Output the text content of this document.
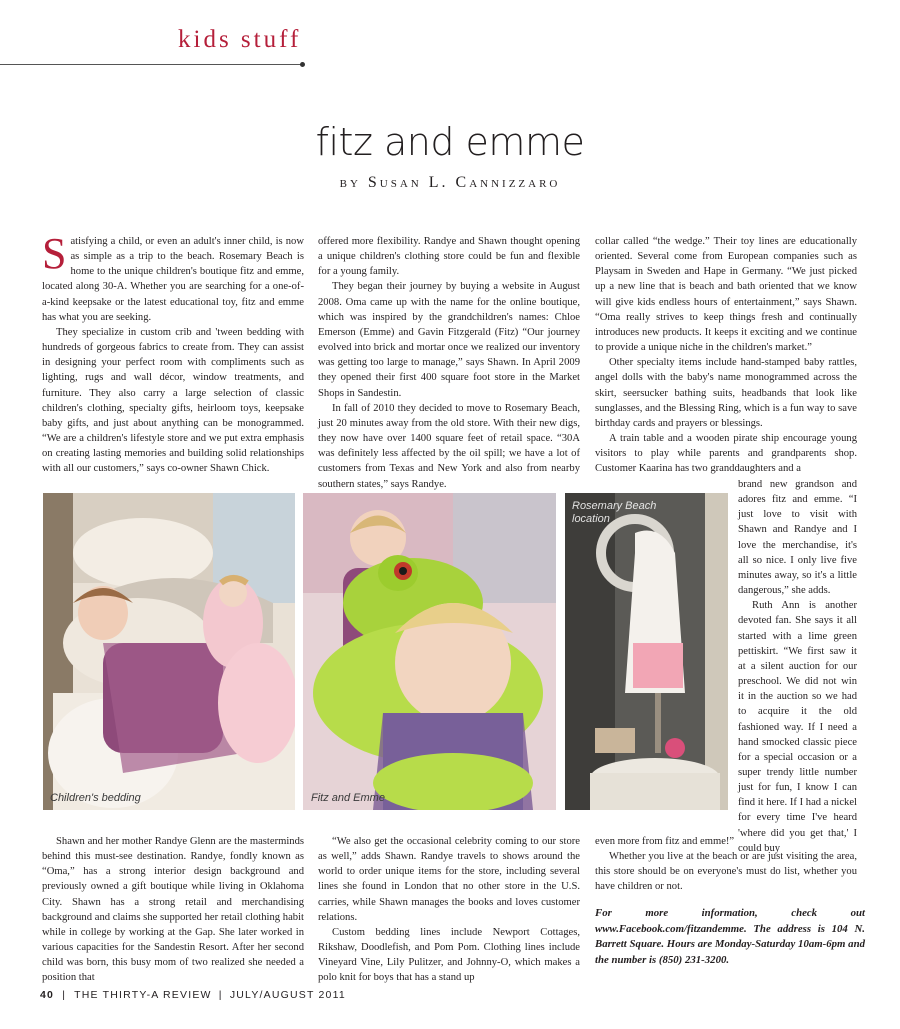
kids stuff
fitz and emme
by Susan L. Cannizzaro

Satisfying a child, or even an adult's inner child, is now as simple as a trip to the beach. Rosemary Beach is home to the unique children's boutique fitz and emme, located along 30-A. Whether you are searching for a one-of-a-kind keepsake or the latest educational toy, fitz and emme has what you are seeking.

They specialize in custom crib and 'tween bedding with hundreds of gorgeous fabrics to create from. They can assist in designing your perfect room with compliments such as lighting, rugs and wall décor, window treatments, and furniture. They also carry a large selection of classic children's clothing, specialty gifts, heirloom toys, keepsake baby gifts, and just about anything can be monogrammed. “We are a children's lifestyle store and we put extra emphasis on creating lasting memories and building solid relationships with all our customers,” says co-owner Shawn Chick.

offered more flexibility. Randye and Shawn thought opening a unique children's clothing store could be fun and flexible for a young family.

They began their journey by buying a website in August 2008. Oma came up with the name for the online boutique, which was inspired by the grandchildren's names: Chloe Emerson (Emme) and Gavin Fitzgerald (Fitz) “Our journey evolved into brick and mortar once we realized our inventory was getting too large to manage,” says Shawn. In April 2009 they opened their first 400 square foot store in the Market Shops in Sandestin.

In fall of 2010 they decided to move to Rosemary Beach, just 20 minutes away from the old store. With their new digs, they now have over 1400 square feet of retail space. “30A was definitely less affected by the oil spill; we have a lot of customers from Texas and New York and also from nearby southern states,” says Randye.

collar called “the wedge.” Their toy lines are educationally oriented. Several come from European companies such as Playsam in Sweden and Hape in Germany. “We just picked up a new line that is beach and bath oriented that we know will give kids endless hours of entertainment,” says Shawn. “Oma really strives to keep things fresh and continually introduces new products. It keeps it exciting and we continue to provide a unique niche in the children's market.”

Other specialty items include hand-stamped baby rattles, angel dolls with the baby's name monogrammed across the skirt, seersucker bathing suits, headbands that look like sunglasses, and the Blessing Ring, which is a fun way to save birthday cards and prayers or blessings.

A train table and a wooden pirate ship encourage young visitors to play while parents and grandparents shop. Customer Kaarina has two granddaughters and a

brand new grandson and adores fitz and emme. “I just love to visit with Shawn and Randye and I love the merchandise, it's all so nice. I only live five minutes away, so it's a little dangerous,” she adds.

Ruth Ann is another devoted fan. She says it all started with a lime green pettiskirt. “We first saw it at a silent auction for our preschool. We did not win it in the auction so we had to acquire it the old fashioned way. If I need a hand smocked classic piece for a special occasion or a super trendy little number just for fun, I know I can find it here. If I had a nickel for every time I've heard 'where did you get that,' I could buy

Children's bedding	Fitz and Emme
Rosemary Beach location

Shawn and her mother Randye Glenn are the masterminds behind this must-see destination. Randye, fondly known as “Oma,” has a strong interior design background and previously owned a gift boutique while living in Oklahoma City. Shawn has a strong retail and merchandising background and claims she supported her retail clothing habit while in college by working at the Gap. She later worked in various capacities for the Sandestin Resort. After her second child was born, this busy mom of two realized she needed a position that

“We also get the occasional celebrity coming to our store as well,” adds Shawn. Randye travels to shows around the world to order unique items for the store, including several lines she found in London that no other store in the U.S. carries, while Shawn manages the books and loves customer relations.

Custom bedding lines include Newport Cottages, Rikshaw, Doodlefish, and Pom Pom. Clothing lines include Vineyard Vine, Lily Pulitzer, and Johnny-O, which makes a polo knit for boys that has a stand up

even more from fitz and emme!”

Whether you live at the beach or are just visiting the area, this store should be on everyone's must do list, whether you have children or not.

For more information, check out www.Facebook.com/fitzandemme. The address is 104 N. Barrett Square. Hours are Monday-Saturday 10am-6pm and the number is (850) 231-3200.
40 | THE THIRTY-A REVIEW | JULY/AUGUST 2011
